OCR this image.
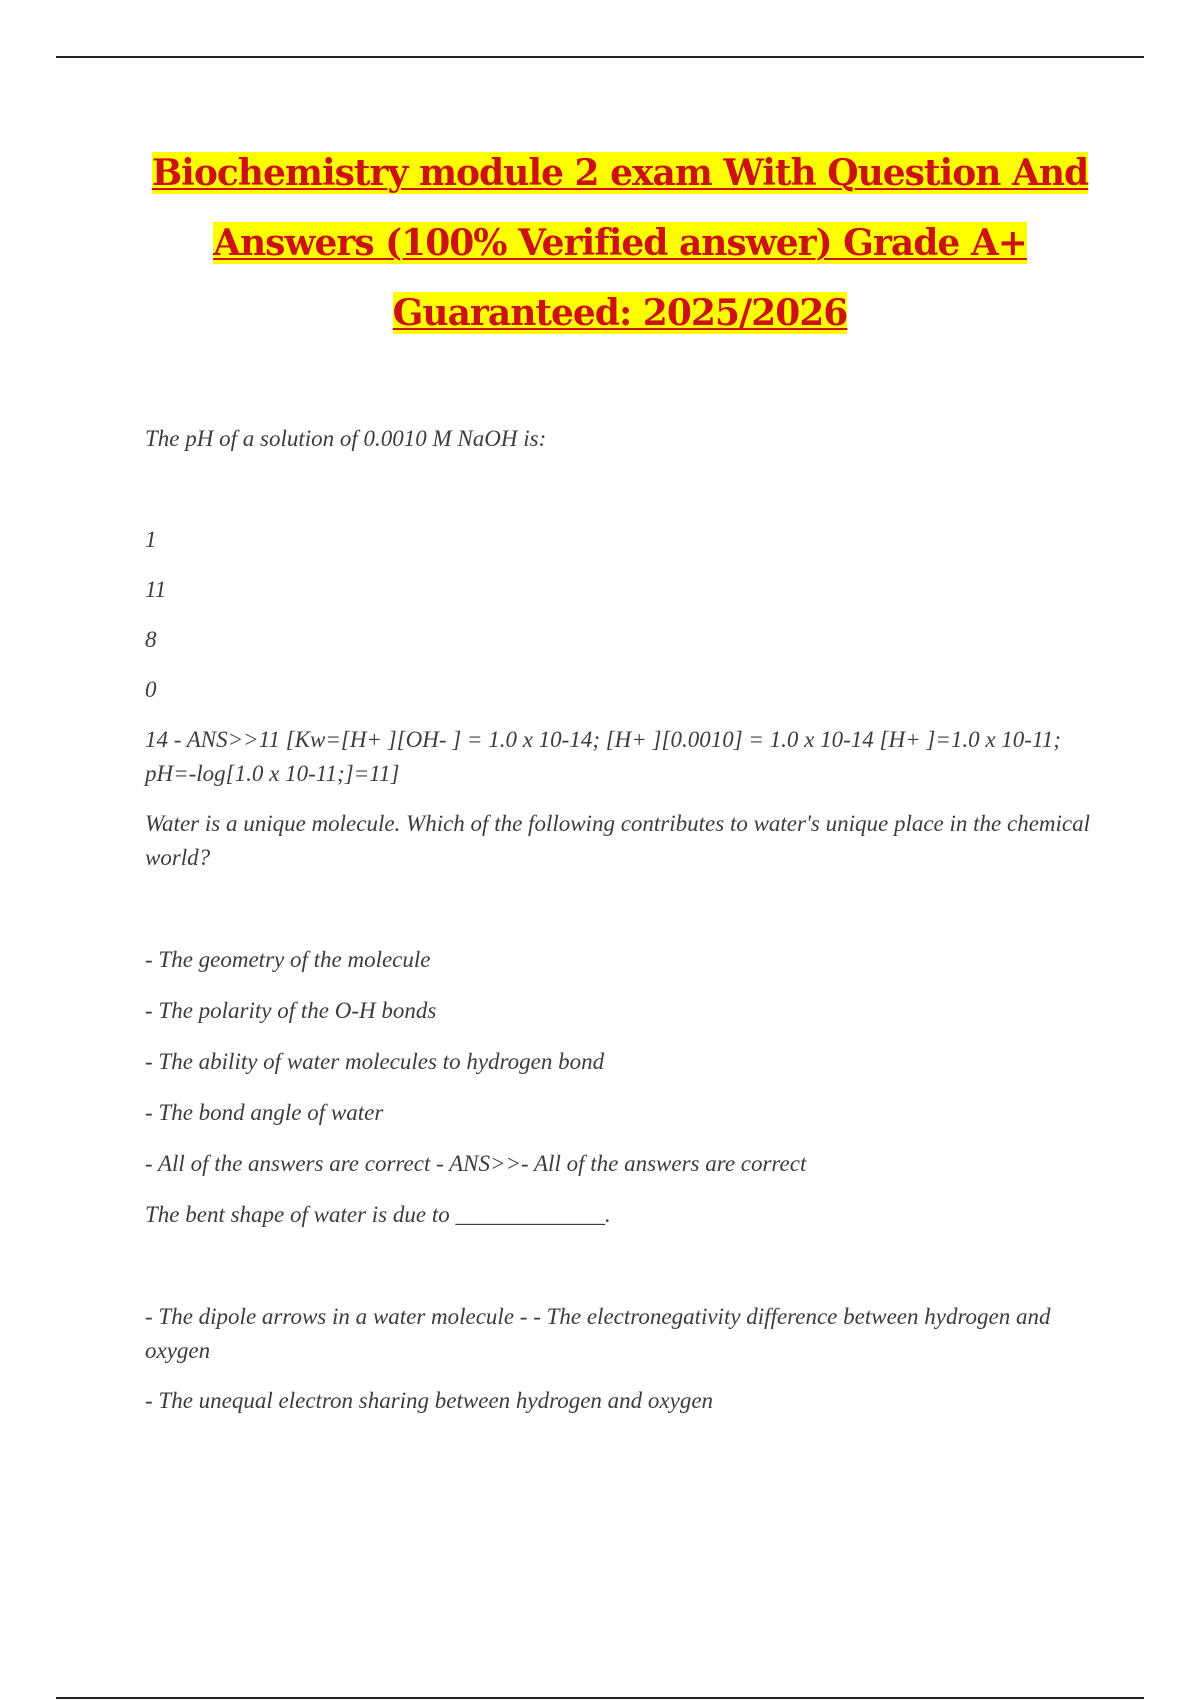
Biochemistry module 2 exam With Question And
Answers (100% Verified answer) Grade A+
Guaranteed: 2025/2026

The pH of a solution of 0.0010 M NaOH is:

1

11

8

0

14 - ANS>>11 [Kw=[H+ ][OH- ] = 1.0 x 10-14; [H+ ][0.0010] = 1.0 x 10-14 [H+ ]=1.0 x 10-11; pH=-log[1.0 x 10-11;]=11]

Water is a unique molecule. Which of the following contributes to water's unique place in the chemical world?

- The geometry of the molecule

- The polarity of the O-H bonds

- The ability of water molecules to hydrogen bond

- The bond angle of water

- All of the answers are correct - ANS>>- All of the answers are correct

The bent shape of water is due to _____________.

- The dipole arrows in a water molecule - - The electronegativity difference between hydrogen and oxygen

- The unequal electron sharing between hydrogen and oxygen
